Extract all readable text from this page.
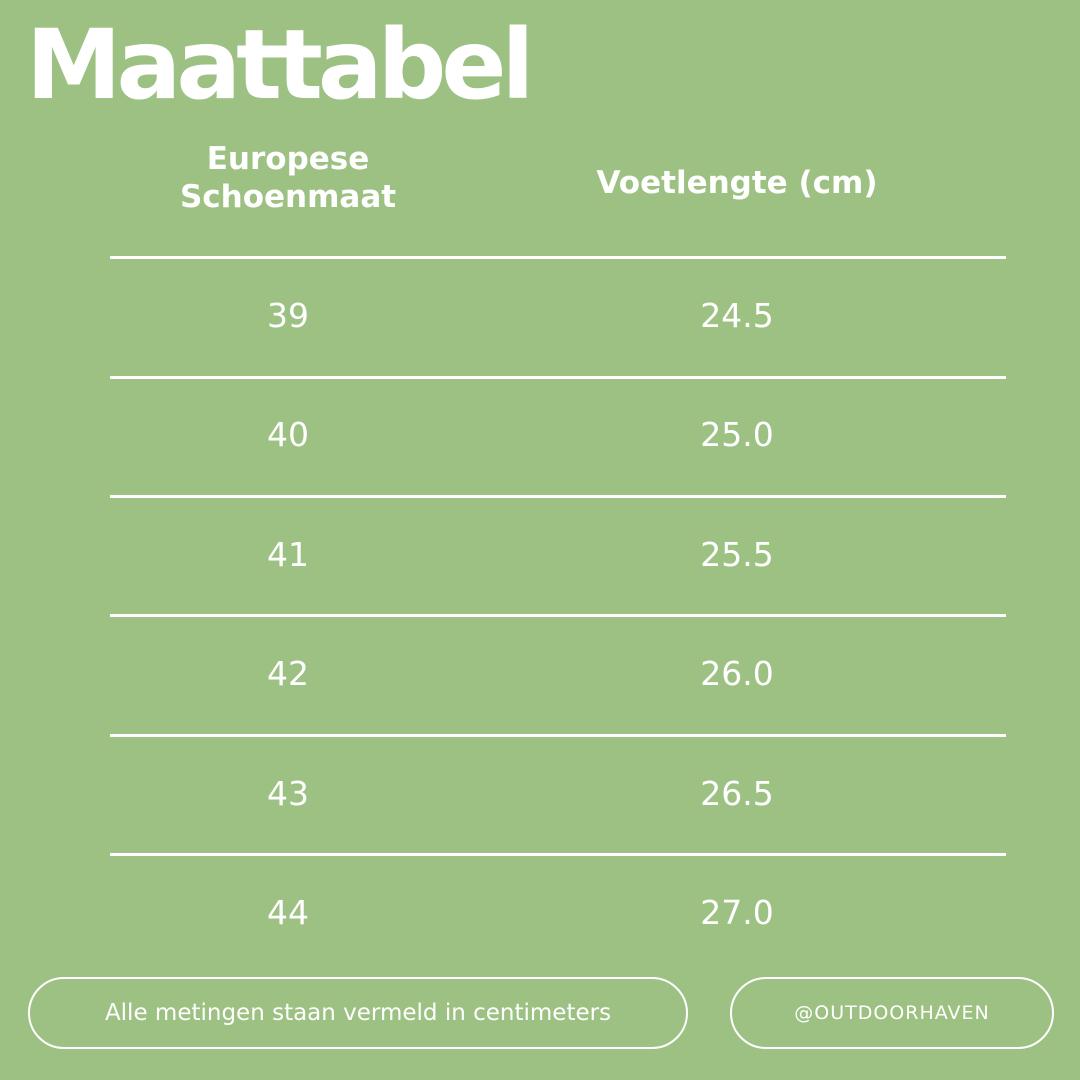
Maattabel
Europese
Schoenmaat	Voetlengte (cm)
39	24.5
40	25.0
41	25.5
42	26.0
43	26.5
44	27.0
Alle metingen staan vermeld in centimeters	@OUTDOORHAVEN
